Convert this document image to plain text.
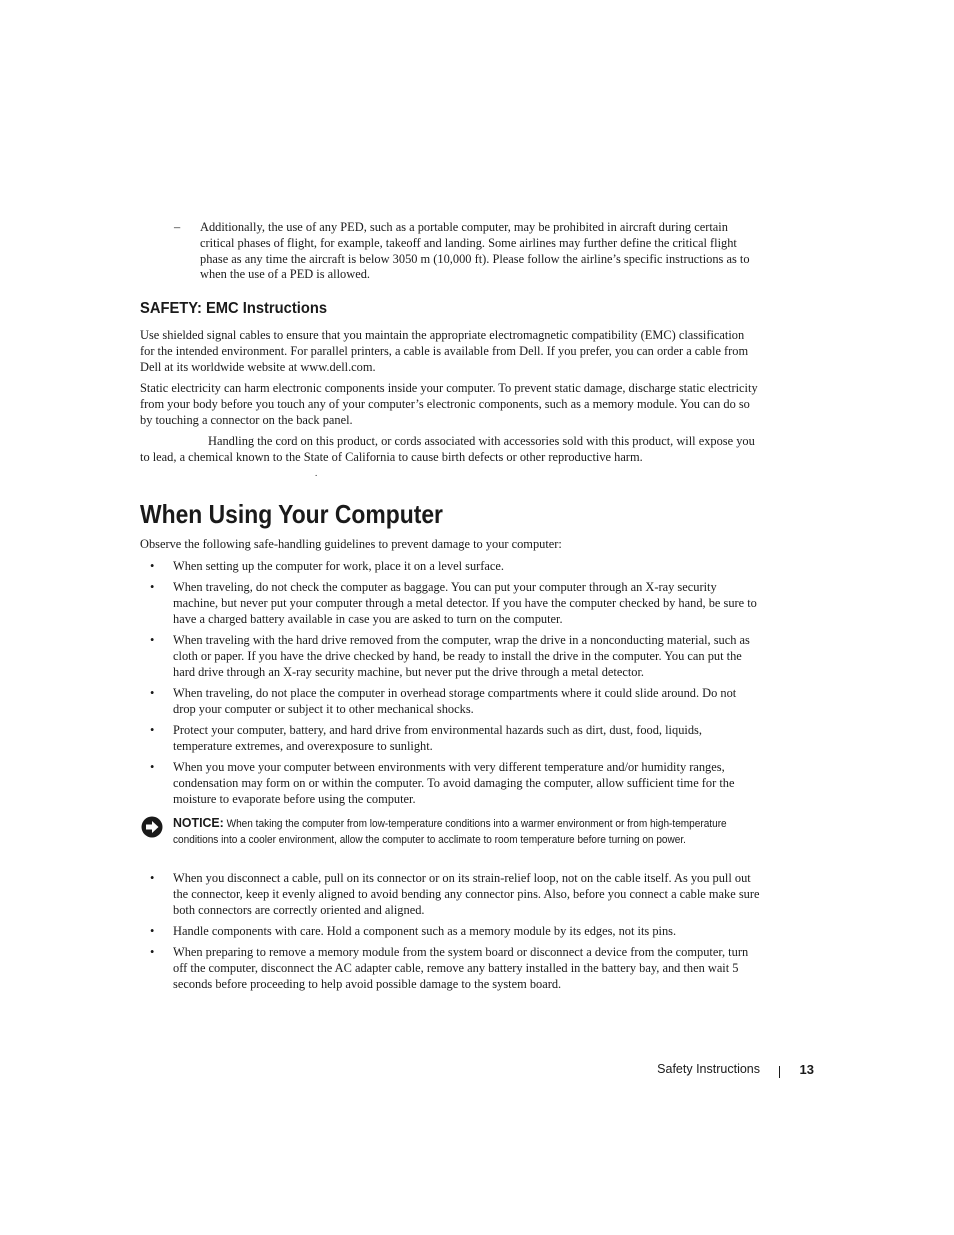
– Additionally, the use of any PED, such as a portable computer, may be prohibited in aircraft during certain critical phases of flight, for example, takeoff and landing. Some airlines may further define the critical flight phase as any time the aircraft is below 3050 m (10,000 ft). Please follow the airline’s specific instructions as to when the use of a PED is allowed.
SAFETY: EMC Instructions

Use shielded signal cables to ensure that you maintain the appropriate electromagnetic compatibility (EMC) classification for the intended environment. For parallel printers, a cable is available from Dell. If you prefer, you can order a cable from Dell at its worldwide website at www.dell.com.

Static electricity can harm electronic components inside your computer. To prevent static damage, discharge static electricity from your body before you touch any of your computer’s electronic components, such as a memory module. You can do so by touching a connector on the back panel.

Handling the cord on this product, or cords associated with accessories sold with this product, will expose you to lead, a chemical known to the State of California to cause birth defects or other reproductive harm.

.
When Using Your Computer
Observe the following safe-handling guidelines to prevent damage to your computer:
• When setting up the computer for work, place it on a level surface.
• When traveling, do not check the computer as baggage. You can put your computer through an X-ray security machine, but never put your computer through a metal detector. If you have the computer checked by hand, be sure to have a charged battery available in case you are asked to turn on the computer.
• When traveling with the hard drive removed from the computer, wrap the drive in a nonconducting material, such as cloth or paper. If you have the drive checked by hand, be ready to install the drive in the computer. You can put the hard drive through an X-ray security machine, but never put the drive through a metal detector.
• When traveling, do not place the computer in overhead storage compartments where it could slide around. Do not drop your computer or subject it to other mechanical shocks.
• Protect your computer, battery, and hard drive from environmental hazards such as dirt, dust, food, liquids, temperature extremes, and overexposure to sunlight.
• When you move your computer between environments with very different temperature and/or humidity ranges, condensation may form on or within the computer. To avoid damaging the computer, allow sufficient time for the moisture to evaporate before using the computer.
NOTICE: When taking the computer from low-temperature conditions into a warmer environment or from high-temperature conditions into a cooler environment, allow the computer to acclimate to room temperature before turning on power.
• When you disconnect a cable, pull on its connector or on its strain-relief loop, not on the cable itself. As you pull out the connector, keep it evenly aligned to avoid bending any connector pins. Also, before you connect a cable make sure both connectors are correctly oriented and aligned.
• Handle components with care. Hold a component such as a memory module by its edges, not its pins.
• When preparing to remove a memory module from the system board or disconnect a device from the computer, turn off the computer, disconnect the AC adapter cable, remove any battery installed in the battery bay, and then wait 5 seconds before proceeding to help avoid possible damage to the system board.
Safety Instructions	13
